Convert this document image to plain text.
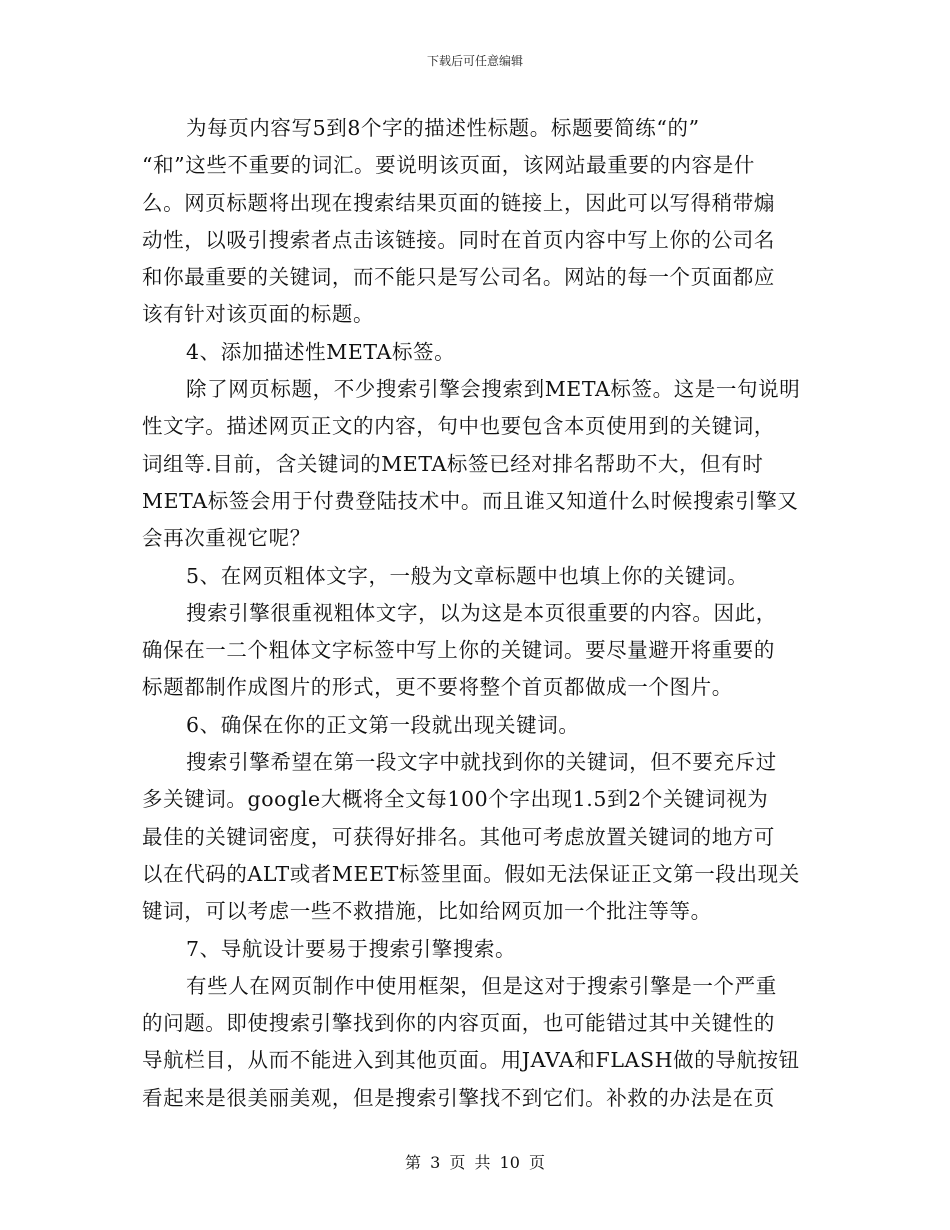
下载后可任意编辑
为每页内容写5到8个字的描述性标题。标题要简练“的”
“和”这些不重要的词汇。要说明该页面，该网站最重要的内容是什
么。网页标题将出现在搜索结果页面的链接上，因此可以写得稍带煽
动性，以吸引搜索者点击该链接。同时在首页内容中写上你的公司名
和你最重要的关键词，而不能只是写公司名。网站的每一个页面都应
该有针对该页面的标题。
4、添加描述性META标签。
除了网页标题，不少搜索引擎会搜索到META标签。这是一句说明
性文字。描述网页正文的内容，句中也要包含本页使用到的关键词，
词组等.目前，含关键词的META标签已经对排名帮助不大，但有时
META标签会用于付费登陆技术中。而且谁又知道什么时候搜索引擎又
会再次重视它呢？
5、在网页粗体文字，一般为文章标题中也填上你的关键词。
搜索引擎很重视粗体文字，以为这是本页很重要的内容。因此，
确保在一二个粗体文字标签中写上你的关键词。要尽量避开将重要的
标题都制作成图片的形式，更不要将整个首页都做成一个图片。
6、确保在你的正文第一段就出现关键词。
搜索引擎希望在第一段文字中就找到你的关键词，但不要充斥过
多关键词。google大概将全文每100个字出现1.5到2个关键词视为
最佳的关键词密度，可获得好排名。其他可考虑放置关键词的地方可
以在代码的ALT或者MEET标签里面。假如无法保证正文第一段出现关
键词，可以考虑一些不救措施，比如给网页加一个批注等等。
7、导航设计要易于搜索引擎搜索。
有些人在网页制作中使用框架，但是这对于搜索引擎是一个严重
的问题。即使搜索引擎找到你的内容页面，也可能错过其中关键性的
导航栏目，从而不能进入到其他页面。用JAVA和FLASH做的导航按钮
看起来是很美丽美观，但是搜索引擎找不到它们。补救的办法是在页
第 3 页 共 10 页
